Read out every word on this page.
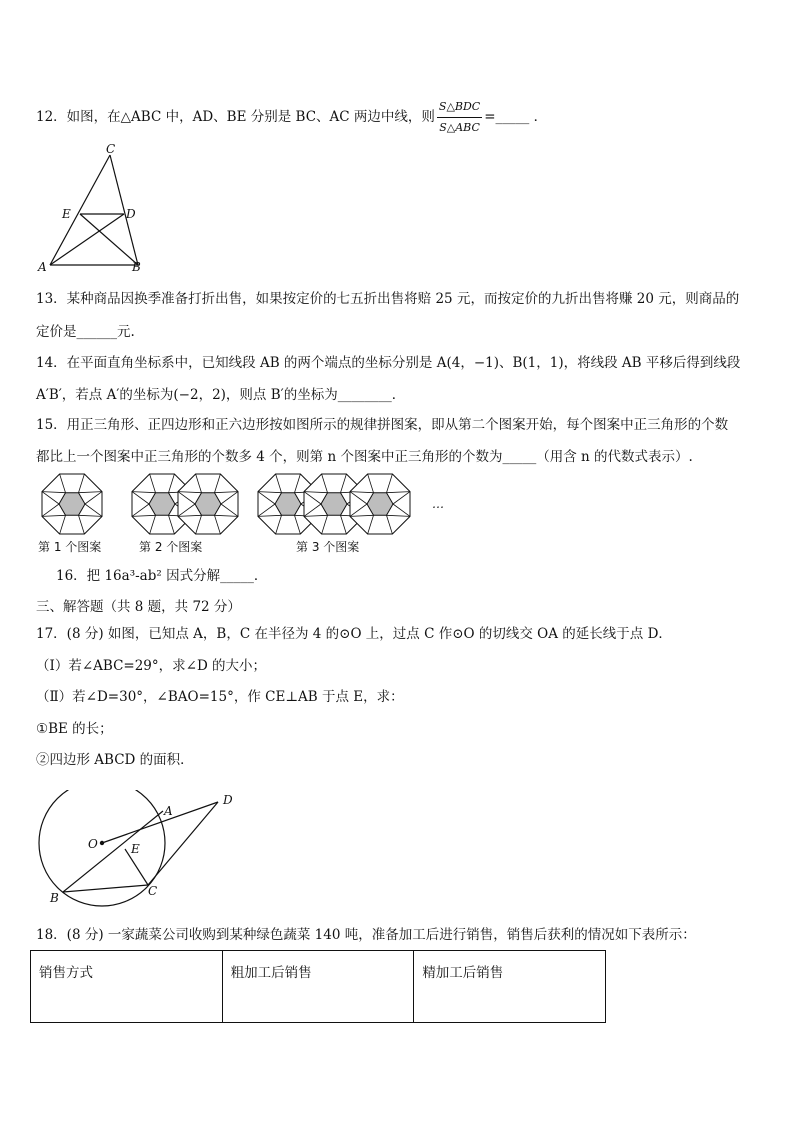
12．如图，在△ABC 中，AD、BE 分别是 BC、AC 两边中线，则 $\frac{\text{S△BDC}}{\text{S△ABC}}$ =_____ ．
C
E	D
A	B
13．某种商品因换季准备打折出售，如果按定价的七五折出售将赔 25 元，而按定价的九折出售将赚 20 元，则商品的
定价是______元.
14．在平面直角坐标系中，已知线段 AB 的两个端点的坐标分别是 A(4，−1)、B(1，1)，将线段 AB 平移后得到线段
A′B′，若点 A′的坐标为(−2，2)，则点 B′的坐标为________．
15．用正三角形、正四边形和正六边形按如图所示的规律拼图案，即从第二个图案开始，每个图案中正三角形的个数
都比上一个图案中正三角形的个数多 4 个，则第 n 个图案中正三角形的个数为_____（用含 n 的代数式表示）.
…
第 1 个图案	第 2 个图案	第 3 个图案
16．把 16a³-ab² 因式分解_____．
三、解答题（共 8 题，共 72 分）
17．(8 分) 如图，已知点 A，B，C 在半径为 4 的⊙O 上，过点 C 作⊙O 的切线交 OA 的延长线于点 D．
（Ⅰ）若∠ABC=29°，求∠D 的大小；
（Ⅱ）若∠D=30°，∠BAO=15°，作 CE⊥AB 于点 E，求：
①BE 的长；
②四边形 ABCD 的面积．
A
D
O	E
B	C
18．(8 分) 一家蔬菜公司收购到某种绿色蔬菜 140 吨，准备加工后进行销售，销售后获利的情况如下表所示：
销售方式	粗加工后销售	精加工后销售
